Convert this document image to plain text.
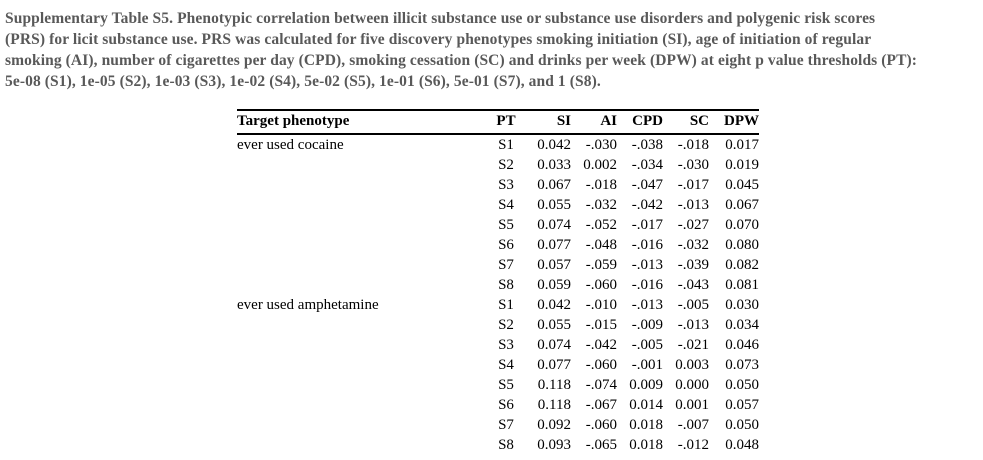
Supplementary Table S5. Phenotypic correlation between illicit substance use or substance use disorders and polygenic risk scores
(PRS) for licit substance use. PRS was calculated for five discovery phenotypes smoking initiation (SI), age of initiation of regular
smoking (AI), number of cigarettes per day (CPD), smoking cessation (SC) and drinks per week (DPW) at eight p value thresholds (PT):
5e-08 (S1), 1e-05 (S2), 1e-03 (S3), 1e-02 (S4), 5e-02 (S5), 1e-01 (S6), 5e-01 (S7), and 1 (S8).
Target phenotype	PT	SI	AI	CPD	SC	DPW
ever used cocaine	S1	0.042	-.030	-.038	-.018	0.017
	S2	0.033	0.002	-.034	-.030	0.019
	S3	0.067	-.018	-.047	-.017	0.045
	S4	0.055	-.032	-.042	-.013	0.067
	S5	0.074	-.052	-.017	-.027	0.070
	S6	0.077	-.048	-.016	-.032	0.080
	S7	0.057	-.059	-.013	-.039	0.082
	S8	0.059	-.060	-.016	-.043	0.081
ever used amphetamine	S1	0.042	-.010	-.013	-.005	0.030
	S2	0.055	-.015	-.009	-.013	0.034
	S3	0.074	-.042	-.005	-.021	0.046
	S4	0.077	-.060	-.001	0.003	0.073
	S5	0.118	-.074	0.009	0.000	0.050
	S6	0.118	-.067	0.014	0.001	0.057
	S7	0.092	-.060	0.018	-.007	0.050
	S8	0.093	-.065	0.018	-.012	0.048
